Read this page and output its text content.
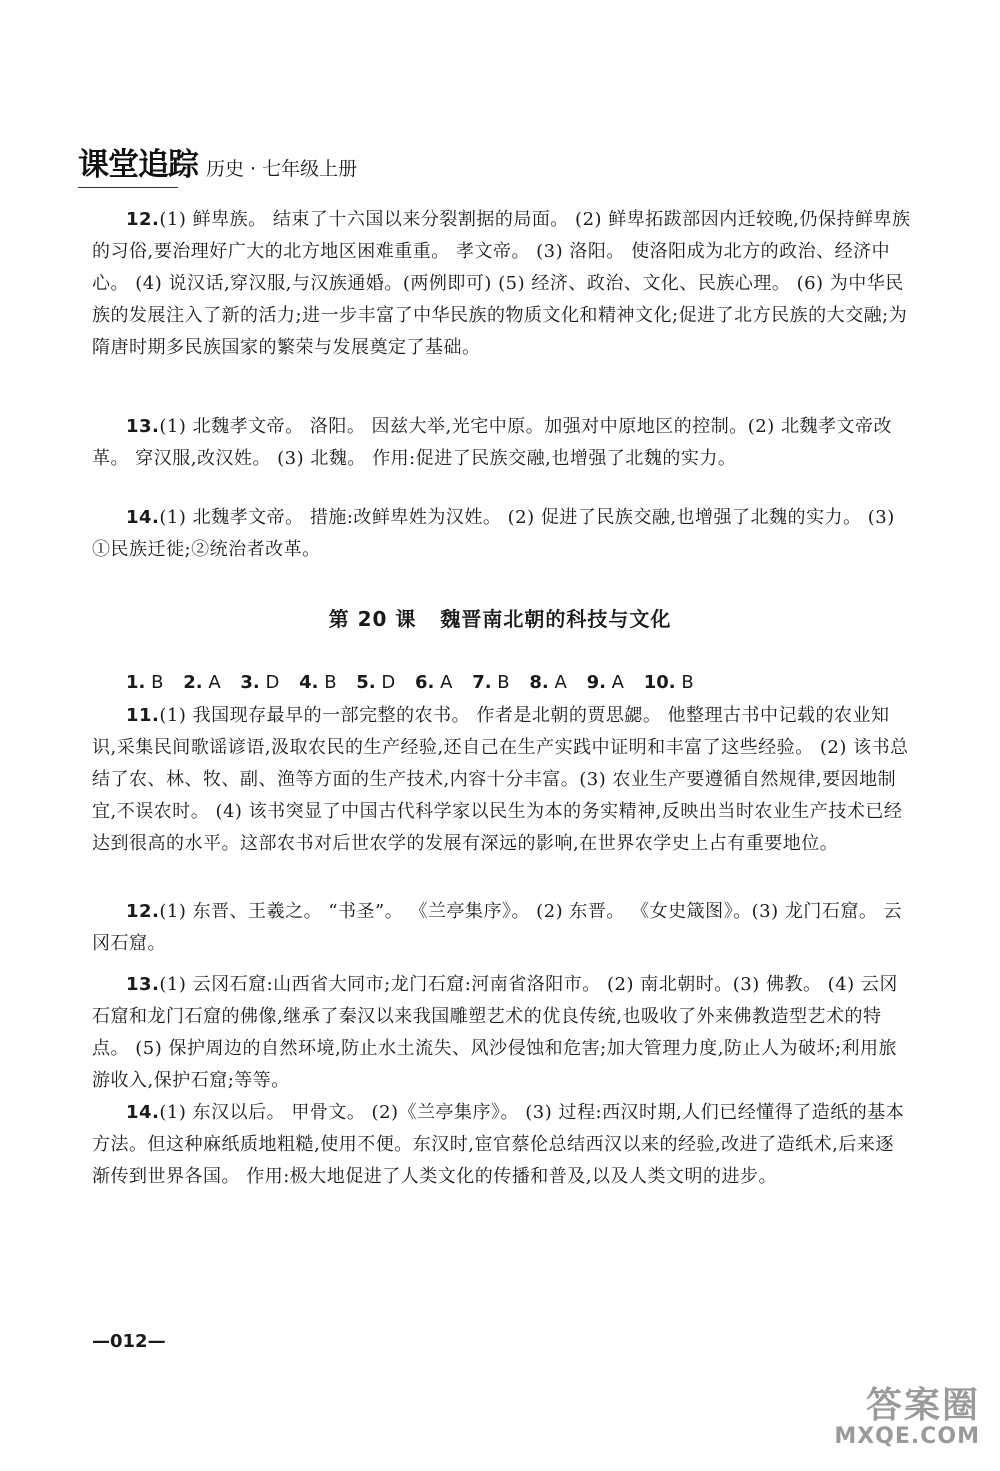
课堂追踪 历史 · 七年级上册

12.(1) 鲜卑族。 结束了十六国以来分裂割据的局面。 (2) 鲜卑拓跋部因内迁较晚,仍保持鲜卑族的习俗,要治理好广大的北方地区困难重重。 孝文帝。 (3) 洛阳。 使洛阳成为北方的政治、经济中心。 (4) 说汉话,穿汉服,与汉族通婚。(两例即可) (5) 经济、政治、文化、民族心理。 (6) 为中华民族的发展注入了新的活力;进一步丰富了中华民族的物质文化和精神文化;促进了北方民族的大交融;为隋唐时期多民族国家的繁荣与发展奠定了基础。

13.(1) 北魏孝文帝。 洛阳。 因兹大举,光宅中原。加强对中原地区的控制。(2) 北魏孝文帝改革。 穿汉服,改汉姓。 (3) 北魏。 作用:促进了民族交融,也增强了北魏的实力。

14.(1) 北魏孝文帝。 措施:改鲜卑姓为汉姓。 (2) 促进了民族交融,也增强了北魏的实力。 (3) ①民族迁徙;②统治者改革。

第 20 课 魏晋南北朝的科技与文化
1. B 2. A 3. D 4. B 5. D 6. A 7. B 8. A 9. A 10. B

11.(1) 我国现存最早的一部完整的农书。 作者是北朝的贾思勰。 他整理古书中记载的农业知识,采集民间歌谣谚语,汲取农民的生产经验,还自己在生产实践中证明和丰富了这些经验。 (2) 该书总结了农、林、牧、副、渔等方面的生产技术,内容十分丰富。(3) 农业生产要遵循自然规律,要因地制宜,不误农时。 (4) 该书突显了中国古代科学家以民生为本的务实精神,反映出当时农业生产技术已经达到很高的水平。这部农书对后世农学的发展有深远的影响,在世界农学史上占有重要地位。

12.(1) 东晋、王羲之。 “书圣”。 《兰亭集序》。 (2) 东晋。 《女史箴图》。(3) 龙门石窟。 云冈石窟。

13.(1) 云冈石窟:山西省大同市;龙门石窟:河南省洛阳市。 (2) 南北朝时。(3) 佛教。 (4) 云冈石窟和龙门石窟的佛像,继承了秦汉以来我国雕塑艺术的优良传统,也吸收了外来佛教造型艺术的特点。 (5) 保护周边的自然环境,防止水土流失、风沙侵蚀和危害;加大管理力度,防止人为破坏;利用旅游收入,保护石窟;等等。

14.(1) 东汉以后。 甲骨文。 (2)《兰亭集序》。 (3) 过程:西汉时期,人们已经懂得了造纸的基本方法。但这种麻纸质地粗糙,使用不便。东汉时,宦官蔡伦总结西汉以来的经验,改进了造纸术,后来逐渐传到世界各国。 作用:极大地促进了人类文化的传播和普及,以及人类文明的进步。

—012—
答案圈
MXQE.COM
